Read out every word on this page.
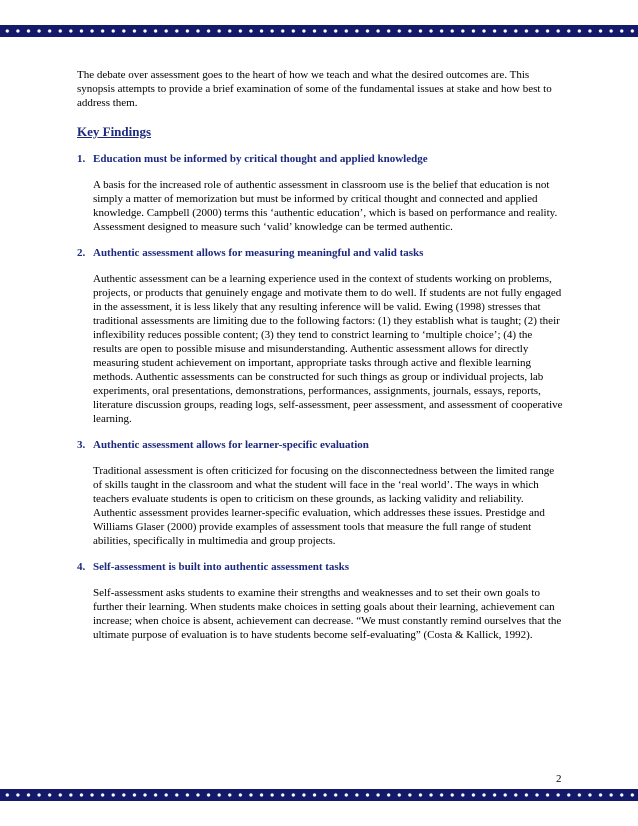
The debate over assessment goes to the heart of how we teach and what the desired outcomes are. This synopsis attempts to provide a brief examination of some of the fundamental issues at stake and how best to address them.

Key Findings
1. Education must be informed by critical thought and applied knowledge

A basis for the increased role of authentic assessment in classroom use is the belief that education is not simply a matter of memorization but must be informed by critical thought and connected and applied knowledge. Campbell (2000) terms this ‘authentic education’, which is based on performance and reality. Assessment designed to measure such ‘valid’ knowledge can be termed authentic.

2. Authentic assessment allows for measuring meaningful and valid tasks

Authentic assessment can be a learning experience used in the context of students working on problems, projects, or products that genuinely engage and motivate them to do well. If students are not fully engaged in the assessment, it is less likely that any resulting inference will be valid. Ewing (1998) stresses that traditional assessments are limiting due to the following factors: (1) they establish what is taught; (2) their inflexibility reduces possible content; (3) they tend to constrict learning to ‘multiple choice’; (4) the results are open to possible misuse and misunderstanding. Authentic assessment allows for directly measuring student achievement on important, appropriate tasks through active and flexible learning methods. Authentic assessments can be constructed for such things as group or individual projects, lab experiments, oral presentations, demonstrations, performances, assignments, journals, essays, reports, literature discussion groups, reading logs, self-assessment, peer assessment, and assessment of cooperative learning.

3. Authentic assessment allows for learner-specific evaluation

Traditional assessment is often criticized for focusing on the disconnectedness between the limited range of skills taught in the classroom and what the student will face in the ‘real world’. The ways in which teachers evaluate students is open to criticism on these grounds, as lacking validity and reliability. Authentic assessment provides learner-specific evaluation, which addresses these issues. Prestidge and Williams Glaser (2000) provide examples of assessment tools that measure the full range of student abilities, specifically in multimedia and group projects.

4. Self-assessment is built into authentic assessment tasks

Self-assessment asks students to examine their strengths and weaknesses and to set their own goals to further their learning. When students make choices in setting goals about their learning, achievement can increase; when choice is absent, achievement can decrease. “We must constantly remind ourselves that the ultimate purpose of evaluation is to have students become self-evaluating” (Costa & Kallick, 1992).

2
